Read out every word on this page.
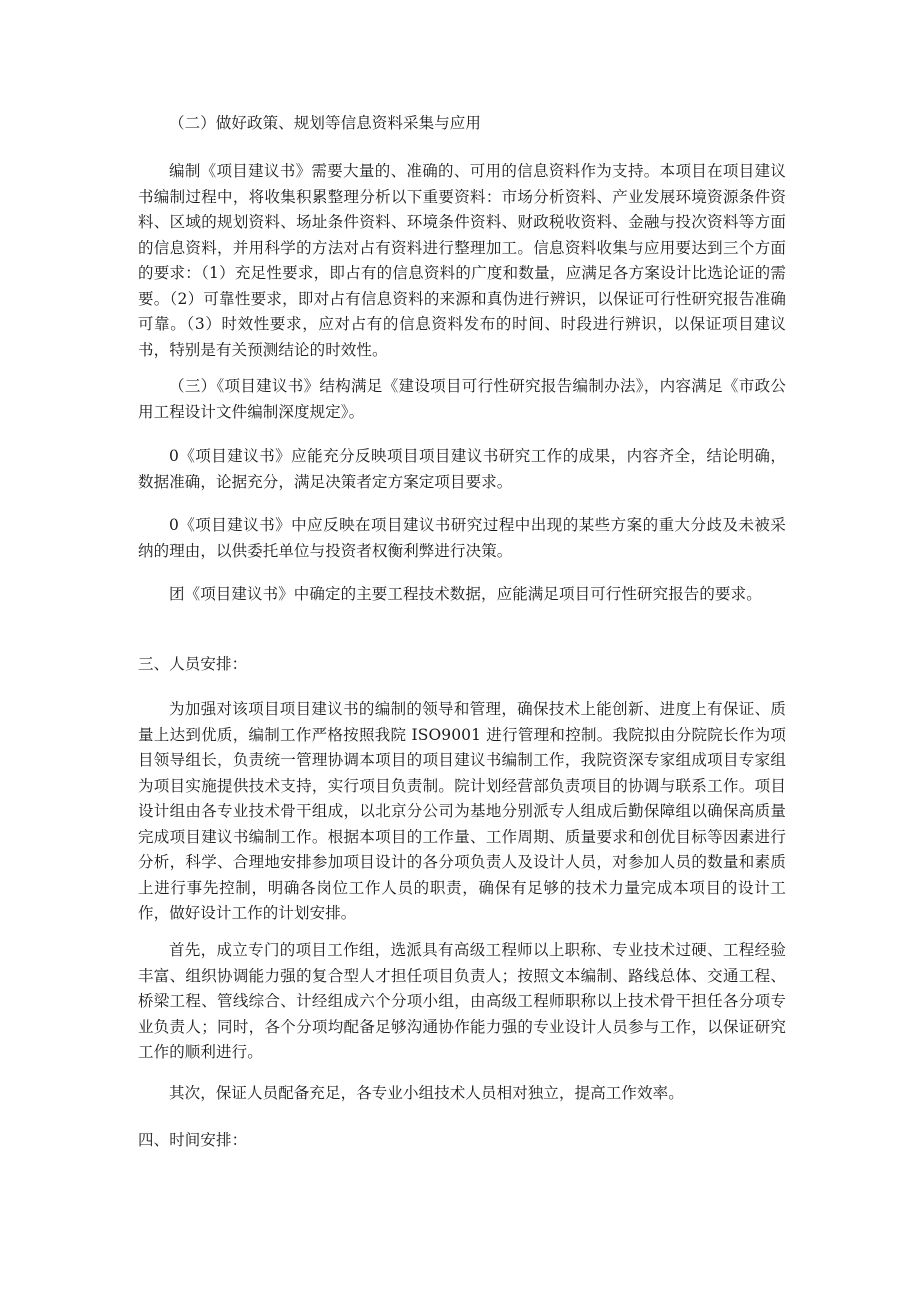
（二）做好政策、规划等信息资料采集与应用

编制《项目建议书》需要大量的、准确的、可用的信息资料作为支持。本项目在项目建议书编制过程中，将收集积累整理分析以下重要资料：市场分析资料、产业发展环境资源条件资料、区域的规划资料、场址条件资料、环境条件资料、财政税收资料、金融与投次资料等方面的信息资料，并用科学的方法对占有资料进行整理加工。信息资料收集与应用要达到三个方面的要求：（1）充足性要求，即占有的信息资料的广度和数量，应满足各方案设计比选论证的需要。（2）可靠性要求，即对占有信息资料的来源和真伪进行辨识，以保证可行性研究报告准确可靠。（3）时效性要求，应对占有的信息资料发布的时间、时段进行辨识，以保证项目建议书，特别是有关预测结论的时效性。

（三）《项目建议书》结构满足《建设项目可行性研究报告编制办法》，内容满足《市政公用工程设计文件编制深度规定》。

0《项目建议书》应能充分反映项目项目建议书研究工作的成果，内容齐全，结论明确，数据准确，论据充分，满足决策者定方案定项目要求。

0《项目建议书》中应反映在项目建议书研究过程中出现的某些方案的重大分歧及未被采纳的理由，以供委托单位与投资者权衡利弊进行决策。

团《项目建议书》中确定的主要工程技术数据，应能满足项目可行性研究报告的要求。

三、人员安排：

为加强对该项目项目建议书的编制的领导和管理，确保技术上能创新、进度上有保证、质量上达到优质，编制工作严格按照我院 ISO9001 进行管理和控制。我院拟由分院院长作为项目领导组长，负责统一管理协调本项目的项目建议书编制工作，我院资深专家组成项目专家组为项目实施提供技术支持，实行项目负责制。院计划经营部负责项目的协调与联系工作。项目设计组由各专业技术骨干组成，以北京分公司为基地分别派专人组成后勤保障组以确保高质量完成项目建议书编制工作。根据本项目的工作量、工作周期、质量要求和创优目标等因素进行分析，科学、合理地安排参加项目设计的各分项负责人及设计人员，对参加人员的数量和素质上进行事先控制，明确各岗位工作人员的职责，确保有足够的技术力量完成本项目的设计工作，做好设计工作的计划安排。

首先，成立专门的项目工作组，选派具有高级工程师以上职称、专业技术过硬、工程经验丰富、组织协调能力强的复合型人才担任项目负责人；按照文本编制、路线总体、交通工程、桥梁工程、管线综合、计经组成六个分项小组，由高级工程师职称以上技术骨干担任各分项专业负责人；同时，各个分项均配备足够沟通协作能力强的专业设计人员参与工作，以保证研究工作的顺利进行。

其次，保证人员配备充足，各专业小组技术人员相对独立，提高工作效率。

四、时间安排：
